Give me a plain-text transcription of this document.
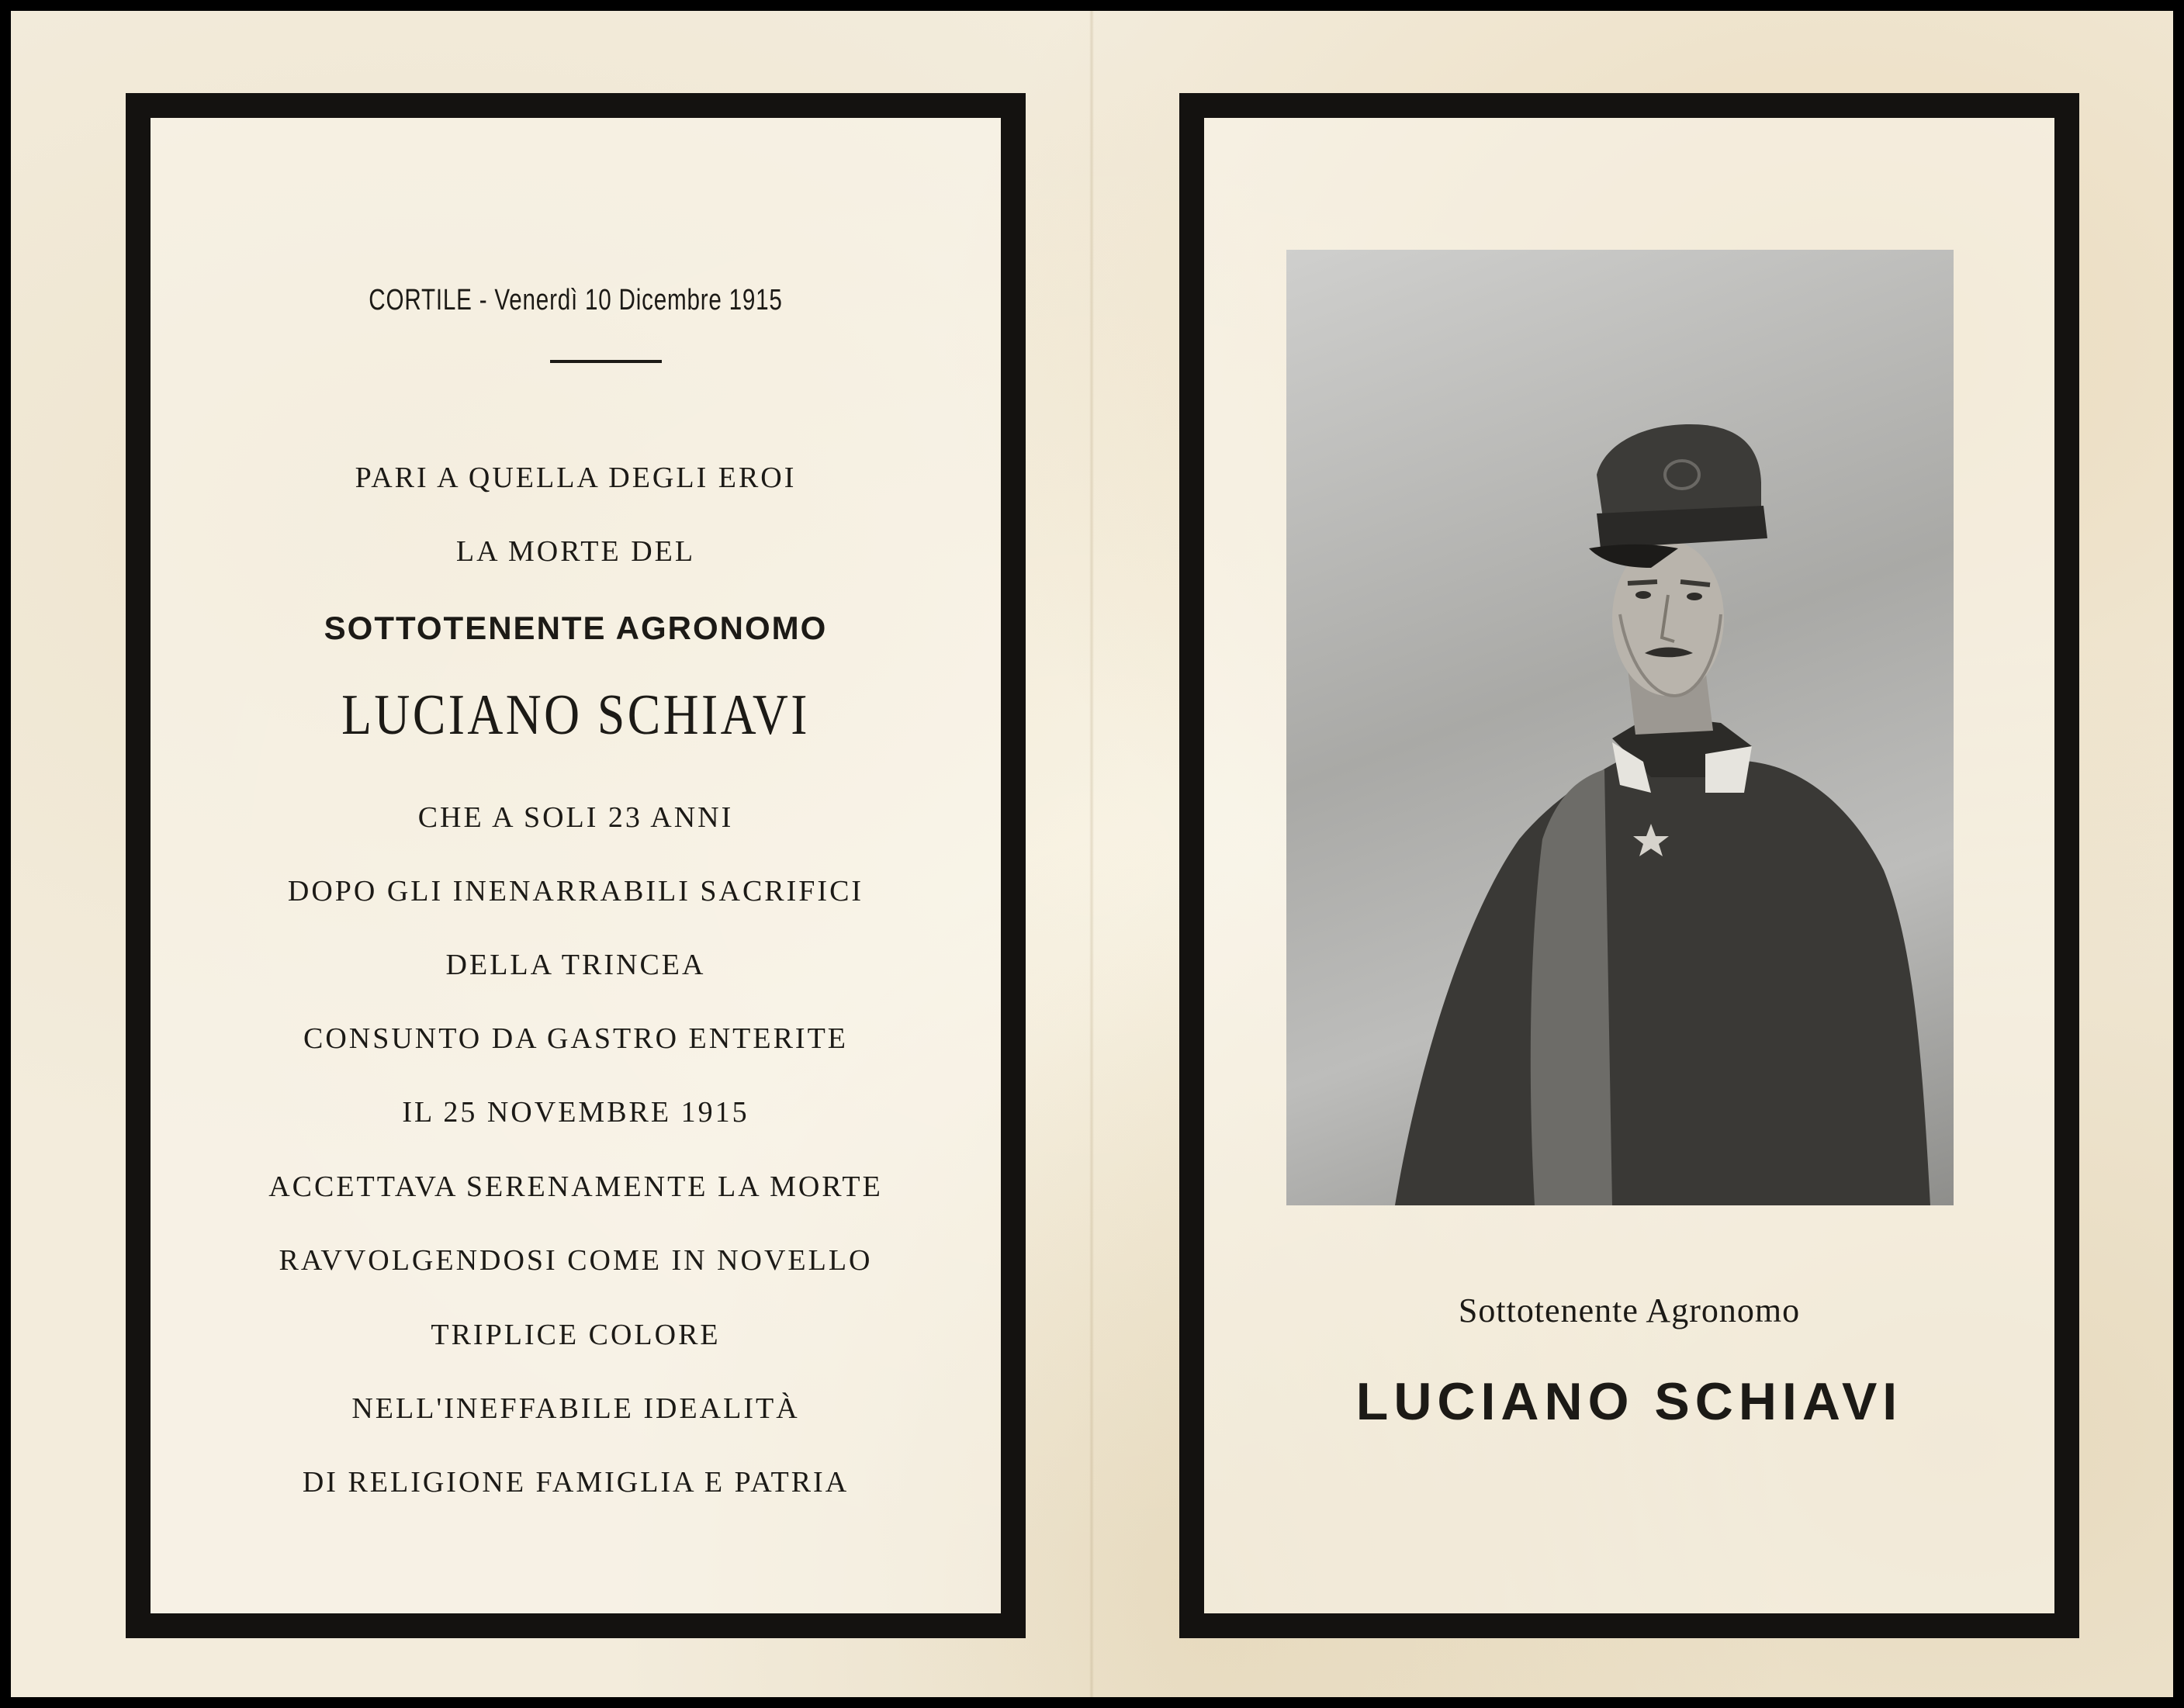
CORTILE - Venerdì 10 Dicembre 1915
PARI A QUELLA DEGLI EROI
LA MORTE DEL
SOTTOTENENTE AGRONOMO
LUCIANO SCHIAVI
CHE A SOLI 23 ANNI
DOPO GLI INENARRABILI SACRIFICI
DELLA TRINCEA
CONSUNTO DA GASTRO ENTERITE
IL 25 NOVEMBRE 1915
ACCETTAVA SERENAMENTE LA MORTE
RAVVOLGENDOSI COME IN NOVELLO
TRIPLICE COLORE
NELL'INEFFABILE IDEALITÀ
DI RELIGIONE FAMIGLIA E PATRIA
Sottotenente Agronomo
LUCIANO SCHIAVI
